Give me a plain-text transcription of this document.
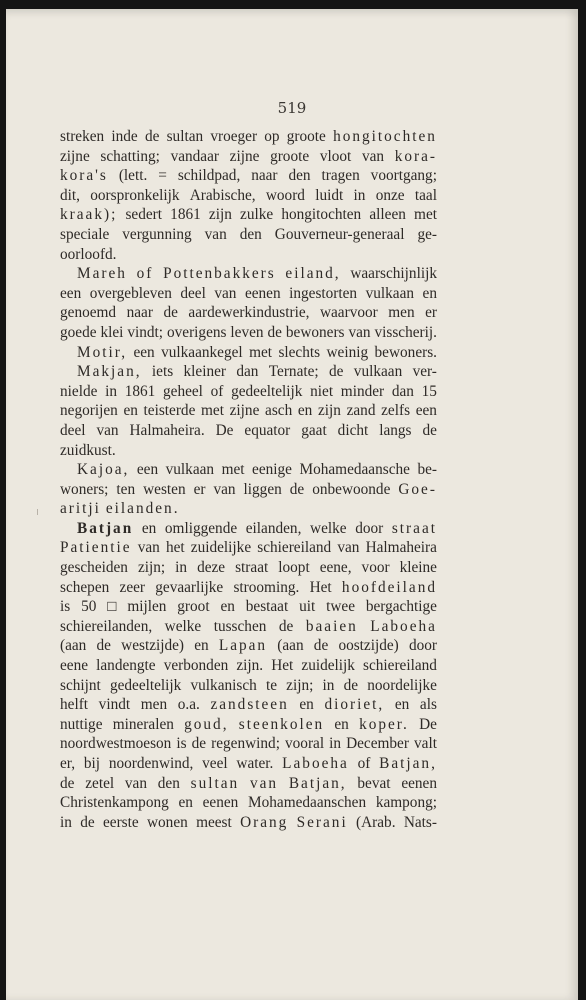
519
streken inde de sultan vroeger op groote hongitochten
zijne schatting; vandaar zijne groote vloot van kora-
kora's (lett. = schildpad, naar den tragen voortgang;
dit, oorspronkelijk Arabische, woord luidt in onze taal
kraak); sedert 1861 zijn zulke hongitochten alleen met
speciale vergunning van den Gouverneur-generaal ge-
oorloofd.
Mareh of Pottenbakkers eiland, waarschijnlijk
een overgebleven deel van eenen ingestorten vulkaan en
genoemd naar de aardewerkindustrie, waarvoor men er
goede klei vindt; overigens leven de bewoners van visscherij.
Motir, een vulkaankegel met slechts weinig bewoners.
Makjan, iets kleiner dan Ternate; de vulkaan ver-
nielde in 1861 geheel of gedeeltelijk niet minder dan 15
negorijen en teisterde met zijne asch en zijn zand zelfs een
deel van Halmaheira. De equator gaat dicht langs de
zuidkust.
Kajoa, een vulkaan met eenige Mohamedaansche be-
woners; ten westen er van liggen de onbewoonde Goe-
aritji eilanden.
Batjan en omliggende eilanden, welke door straat
Patientie van het zuidelijke schiereiland van Halmaheira
gescheiden zijn; in deze straat loopt eene, voor kleine
schepen zeer gevaarlijke strooming. Het hoofdeiland
is 50 □ mijlen groot en bestaat uit twee bergachtige
schiereilanden, welke tusschen de baaien Laboeha
(aan de westzijde) en Lapan (aan de oostzijde) door
eene landengte verbonden zijn. Het zuidelijk schiereiland
schijnt gedeeltelijk vulkanisch te zijn; in de noordelijke
helft vindt men o.a. zandsteen en dioriet, en als
nuttige mineralen goud, steenkolen en koper. De
noordwestmoeson is de regenwind; vooral in December valt
er, bij noordenwind, veel water. Laboeha of Batjan,
de zetel van den sultan van Batjan, bevat eenen
Christenkampong en eenen Mohamedaanschen kampong;
in de eerste wonen meest Orang Serani (Arab. Nats-
